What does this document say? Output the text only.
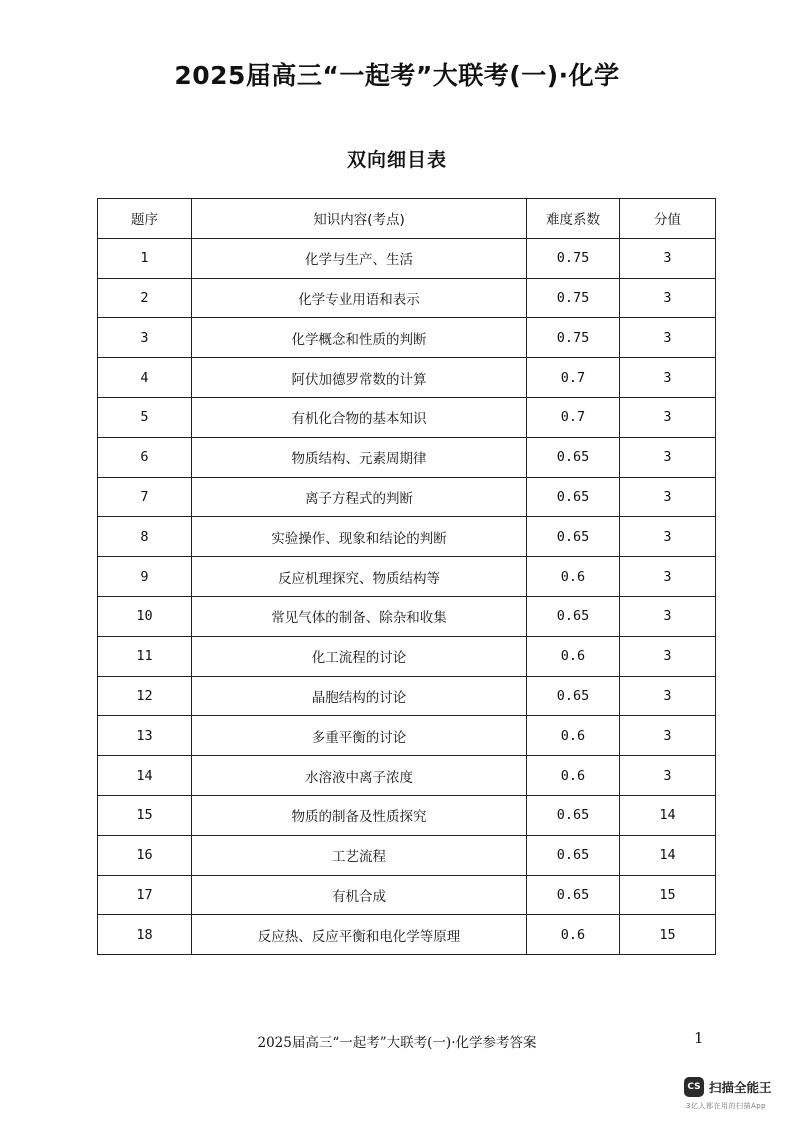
2025届高三“一起考”大联考(一)·化学
双向细目表
题序	知识内容(考点)	难度系数	分值
1	化学与生产、生活	0.75	3
2	化学专业用语和表示	0.75	3
3	化学概念和性质的判断	0.75	3
4	阿伏加德罗常数的计算	0.7	3
5	有机化合物的基本知识	0.7	3
6	物质结构、元素周期律	0.65	3
7	离子方程式的判断	0.65	3
8	实验操作、现象和结论的判断	0.65	3
9	反应机理探究、物质结构等	0.6	3
10	常见气体的制备、除杂和收集	0.65	3
11	化工流程的讨论	0.6	3
12	晶胞结构的讨论	0.65	3
13	多重平衡的讨论	0.6	3
14	水溶液中离子浓度	0.6	3
15	物质的制备及性质探究	0.65	14
16	工艺流程	0.65	14
17	有机合成	0.65	15
18	反应热、反应平衡和电化学等原理	0.6	15
2025届高三“一起考”大联考(一)·化学参考答案	1
CS 扫描全能王
3亿人都在用的扫描App
